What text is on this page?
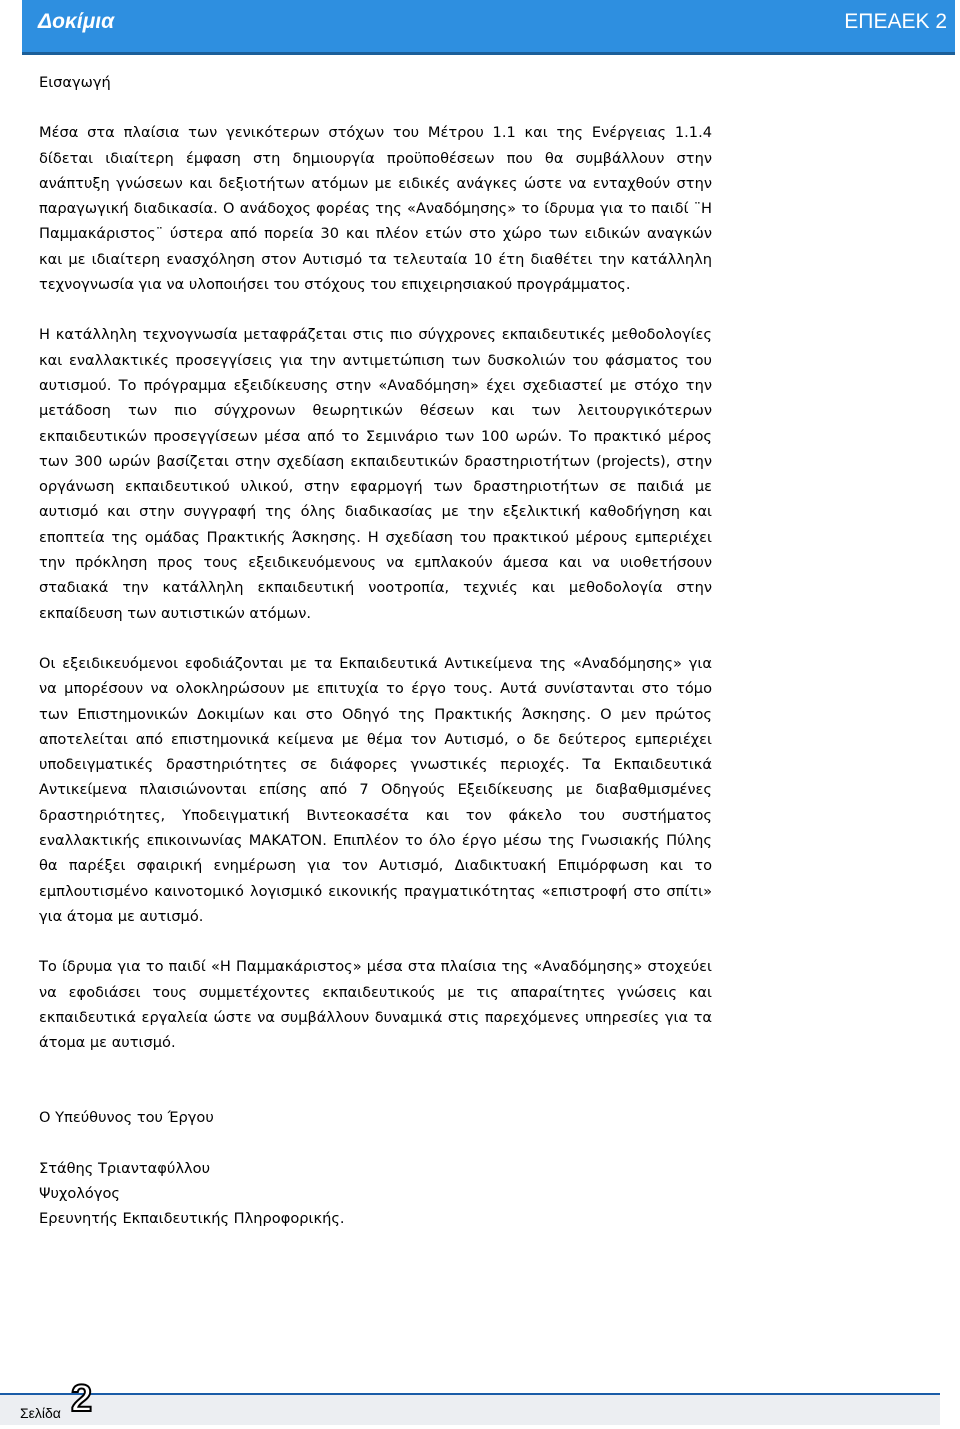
Δοκίμια	ΕΠΕΑΕΚ 2

Εισαγωγή

Μέσα στα πλαίσια των γενικότερων στόχων του Μέτρου 1.1 και της Ενέργειας 1.1.4 δίδεται ιδιαίτερη έμφαση στη δημιουργία προϋποθέσεων που θα συμβάλλουν στην ανάπτυξη γνώσεων και δεξιοτήτων ατόμων με ειδικές ανάγκες ώστε να ενταχθούν στην παραγωγική διαδικασία. Ο ανάδοχος φορέας της «Αναδόμησης» το ίδρυμα για το παιδί ¨Η Παμμακάριστος¨ ύστερα από πορεία 30 και πλέον ετών στο χώρο των ειδικών αναγκών και με ιδιαίτερη ενασχόληση στον Αυτισμό τα τελευταία 10 έτη διαθέτει την κατάλληλη τεχνογνωσία για να υλοποιήσει του στόχους του επιχειρησιακού προγράμματος.

Η κατάλληλη τεχνογνωσία μεταφράζεται στις πιο σύγχρονες εκπαιδευτικές μεθοδολογίες και εναλλακτικές προσεγγίσεις για την αντιμετώπιση των δυσκολιών του φάσματος του αυτισμού. Το πρόγραμμα εξειδίκευσης στην «Αναδόμηση» έχει σχεδιαστεί με στόχο την μετάδοση των πιο σύγχρονων θεωρητικών θέσεων και των λειτουργικότερων εκπαιδευτικών προσεγγίσεων μέσα από το Σεμινάριο των 100 ωρών. Το πρακτικό μέρος των 300 ωρών βασίζεται στην σχεδίαση εκπαιδευτικών δραστηριοτήτων (projects), στην οργάνωση εκπαιδευτικού υλικού, στην εφαρμογή των δραστηριοτήτων σε παιδιά με αυτισμό και στην συγγραφή της όλης διαδικασίας με την εξελικτική καθοδήγηση και εποπτεία της ομάδας Πρακτικής Άσκησης. Η σχεδίαση του πρακτικού μέρους εμπεριέχει την πρόκληση προς τους εξειδικευόμενους να εμπλακούν άμεσα και να υιοθετήσουν σταδιακά την κατάλληλη εκπαιδευτική νοοτροπία, τεχνιές και μεθοδολογία στην εκπαίδευση των αυτιστικών ατόμων.

Οι εξειδικευόμενοι εφοδιάζονται με τα Εκπαιδευτικά Αντικείμενα της «Αναδόμησης» για να μπορέσουν να ολοκληρώσουν με επιτυχία το έργο τους. Αυτά συνίστανται στο τόμο των Επιστημονικών Δοκιμίων και στο Οδηγό της Πρακτικής Άσκησης. Ο μεν πρώτος αποτελείται από επιστημονικά κείμενα με θέμα τον Αυτισμό, ο δε δεύτερος εμπεριέχει υποδειγματικές δραστηριότητες σε διάφορες γνωστικές περιοχές. Τα Εκπαιδευτικά Αντικείμενα πλαισιώνονται επίσης από 7 Οδηγούς Εξειδίκευσης με διαβαθμισμένες δραστηριότητες, Υποδειγματική Βιντεοκασέτα και τον φάκελο του συστήματος εναλλακτικής επικοινωνίας ΜΑΚΑΤΟΝ. Επιπλέον το όλο έργο μέσω της Γνωσιακής Πύλης θα παρέξει σφαιρική ενημέρωση για τον Αυτισμό, Διαδικτυακή Επιμόρφωση και το εμπλουτισμένο καινοτομικό λογισμικό εικονικής πραγματικότητας «επιστροφή στο σπίτι» για άτομα με αυτισμό.

Το ίδρυμα για το παιδί «Η Παμμακάριστος» μέσα στα πλαίσια της «Αναδόμησης» στοχεύει να εφοδιάσει τους συμμετέχοντες εκπαιδευτικούς με τις απαραίτητες γνώσεις και εκπαιδευτικά εργαλεία ώστε να συμβάλλουν δυναμικά στις παρεχόμενες υπηρεσίες για τα άτομα με αυτισμό.

Ο Υπεύθυνος του Έργου

Στάθης Τριανταφύλλου

Ψυχολόγος

Ερευνητής Εκπαιδευτικής Πληροφορικής.

Σελίδα 2
